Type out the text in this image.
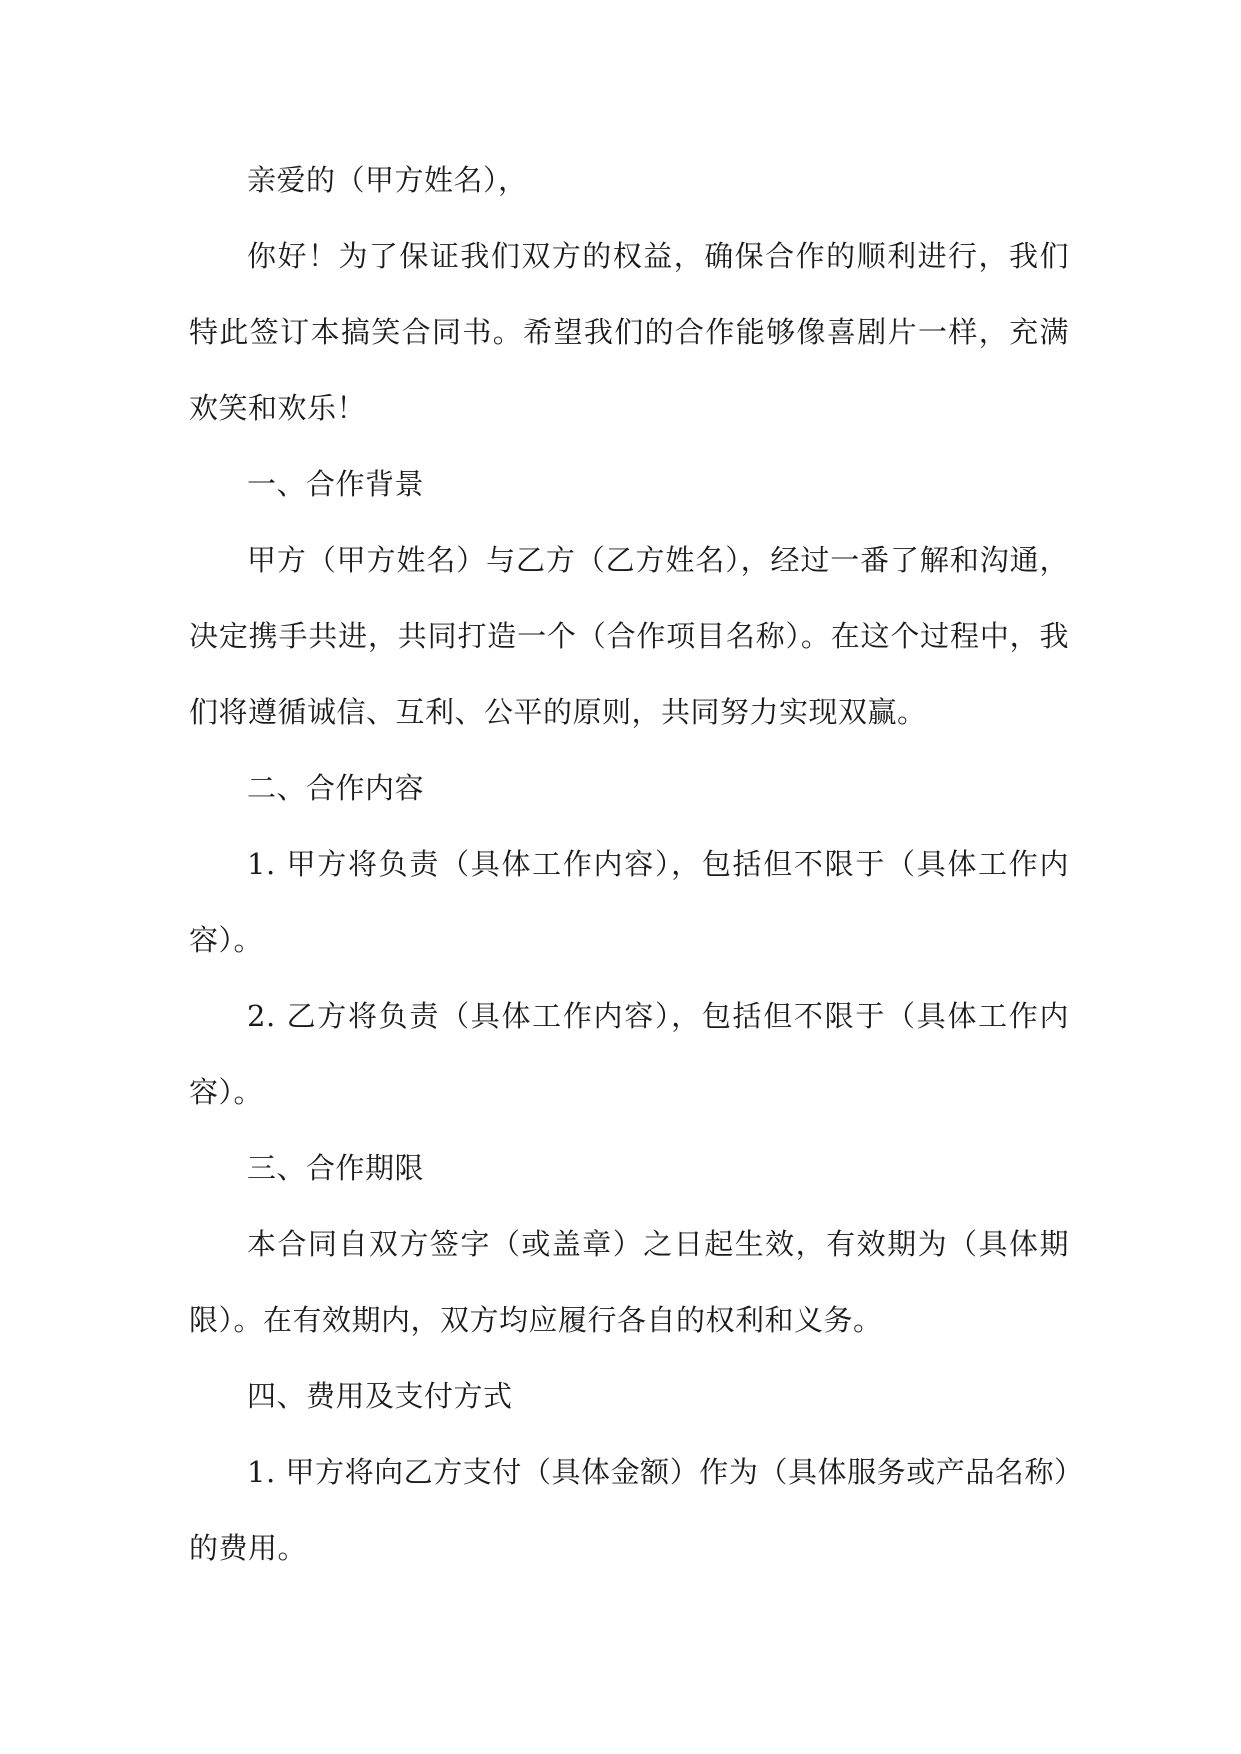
亲爱的（甲方姓名），

你好！为了保证我们双方的权益，确保合作的顺利进行，我们特此签订本搞笑合同书。希望我们的合作能够像喜剧片一样，充满欢笑和欢乐！

一、合作背景

甲方（甲方姓名）与乙方（乙方姓名），经过一番了解和沟通，决定携手共进，共同打造一个（合作项目名称）。在这个过程中，我们将遵循诚信、互利、公平的原则，共同努力实现双赢。

二、合作内容

1. 甲方将负责（具体工作内容），包括但不限于（具体工作内容）。

2. 乙方将负责（具体工作内容），包括但不限于（具体工作内容）。

三、合作期限

本合同自双方签字（或盖章）之日起生效，有效期为（具体期限）。在有效期内，双方均应履行各自的权利和义务。

四、费用及支付方式

1. 甲方将向乙方支付（具体金额）作为（具体服务或产品名称）的费用。
